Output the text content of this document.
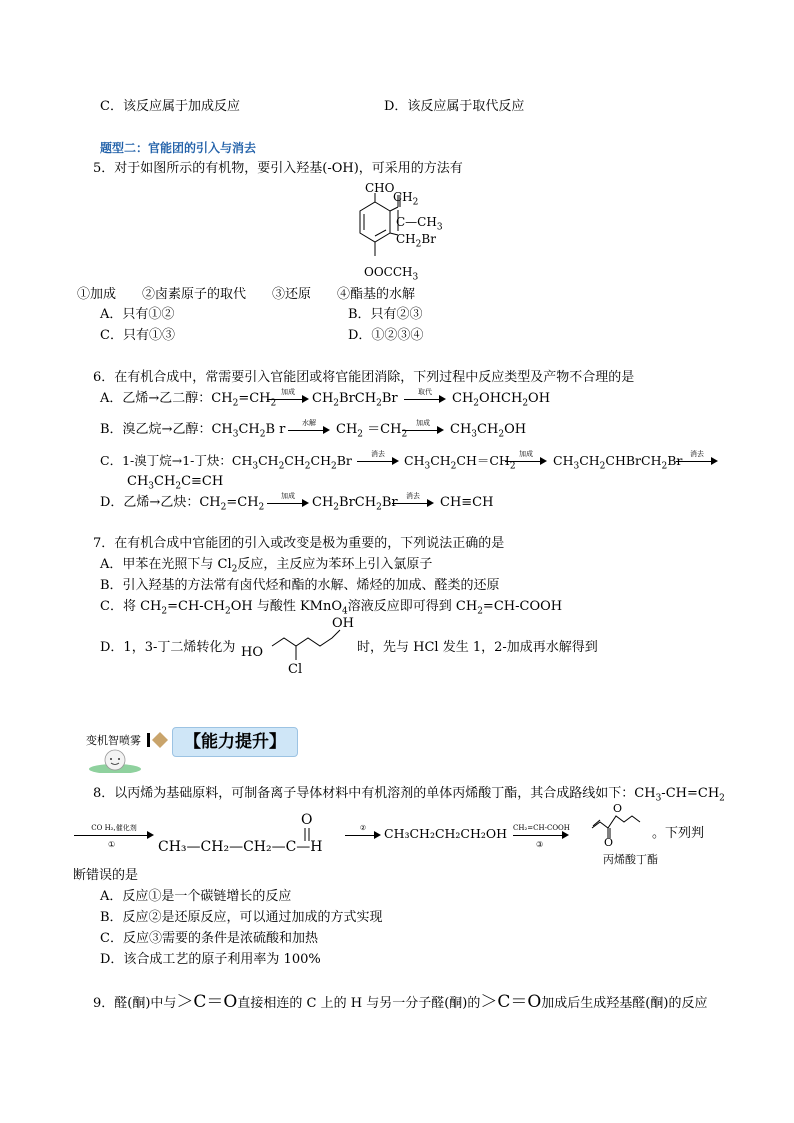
C．该反应属于加成反应	D．该反应属于取代反应
题型二：官能团的引入与消去
5．对于如图所示的有机物，要引入羟基(-OH)，可采用的方法有
CHO
$CH_2$
$C—CH_3$
$CH_2Br$
$OOCCH_3$
①加成　　②卤素原子的取代　　③还原　　④酯基的水解
A．只有①②	B．只有②③
C．只有①③	D．①②③④
6．在有机合成中，常需要引入官能团或将官能团消除，下列过程中反应类型及产物不合理的是
A．乙烯→乙二醇：$CH_2=CH_2$
加成	$CH_2BrCH_2Br$	取代	$CH_2OHCH_2OH$
B．溴乙烷→乙醇：$CH_3CH_2B$ r	水解	$CH_2 =CH_2$
加成	$CH_3CH_2OH$
C．1-溴丁烷→1-丁炔：$CH_3CH_2CH_2CH_2Br$	消去	$CH_3CH_2CH=CH_2$
加成	$CH_3CH_2CHBrCH_2Br$	消去
$CH_3CH_2C\equiv CH$
D．乙烯→乙炔：$CH_2=CH_2$
加成	$CH_2BrCH_2Br$	消去	CH≡CH
7．在有机合成中官能团的引入或改变是极为重要的，下列说法正确的是
A．甲苯在光照下与 $Cl_2$反应，主反应为苯环上引入氯原子
B．引入羟基的方法常有卤代烃和酯的水解、烯烃的加成、醛类的还原
C．将 $CH_2=CH-CH_2OH$ 与酸性 KMnO$_4$溶液反应即可得到 $CH_2=CH$-COOH
D．1，3-丁二烯转化为 HO
OH
Cl
时，先与 HCl 发生 1，2-加成再水解得到
变机智喷雾	【能力提升】
8．以丙烯为基础原料，可制备离子导体材料中有机溶剂的单体丙烯酸丁酯，其合成路线如下：$CH_3-CH=CH_2$
CO H₂,催化剂
①	CH₃—CH₂—CH₂—C—H
O	②	CH₃CH₂CH₂CH₂OH CH₂=CH-COOH
③
O
O
丙烯酸丁酯
。下列判
断错误的是
A．反应①是一个碳链增长的反应
B．反应②是还原反应，可以通过加成的方式实现
C．反应③需要的条件是浓硫酸和加热
D．该合成工艺的原子利用率为 100%
9．醛(酮)中与＞C＝O直接相连的 C 上的 H 与另一分子醛(酮)的＞C＝O加成后生成羟基醛(酮)的反应
